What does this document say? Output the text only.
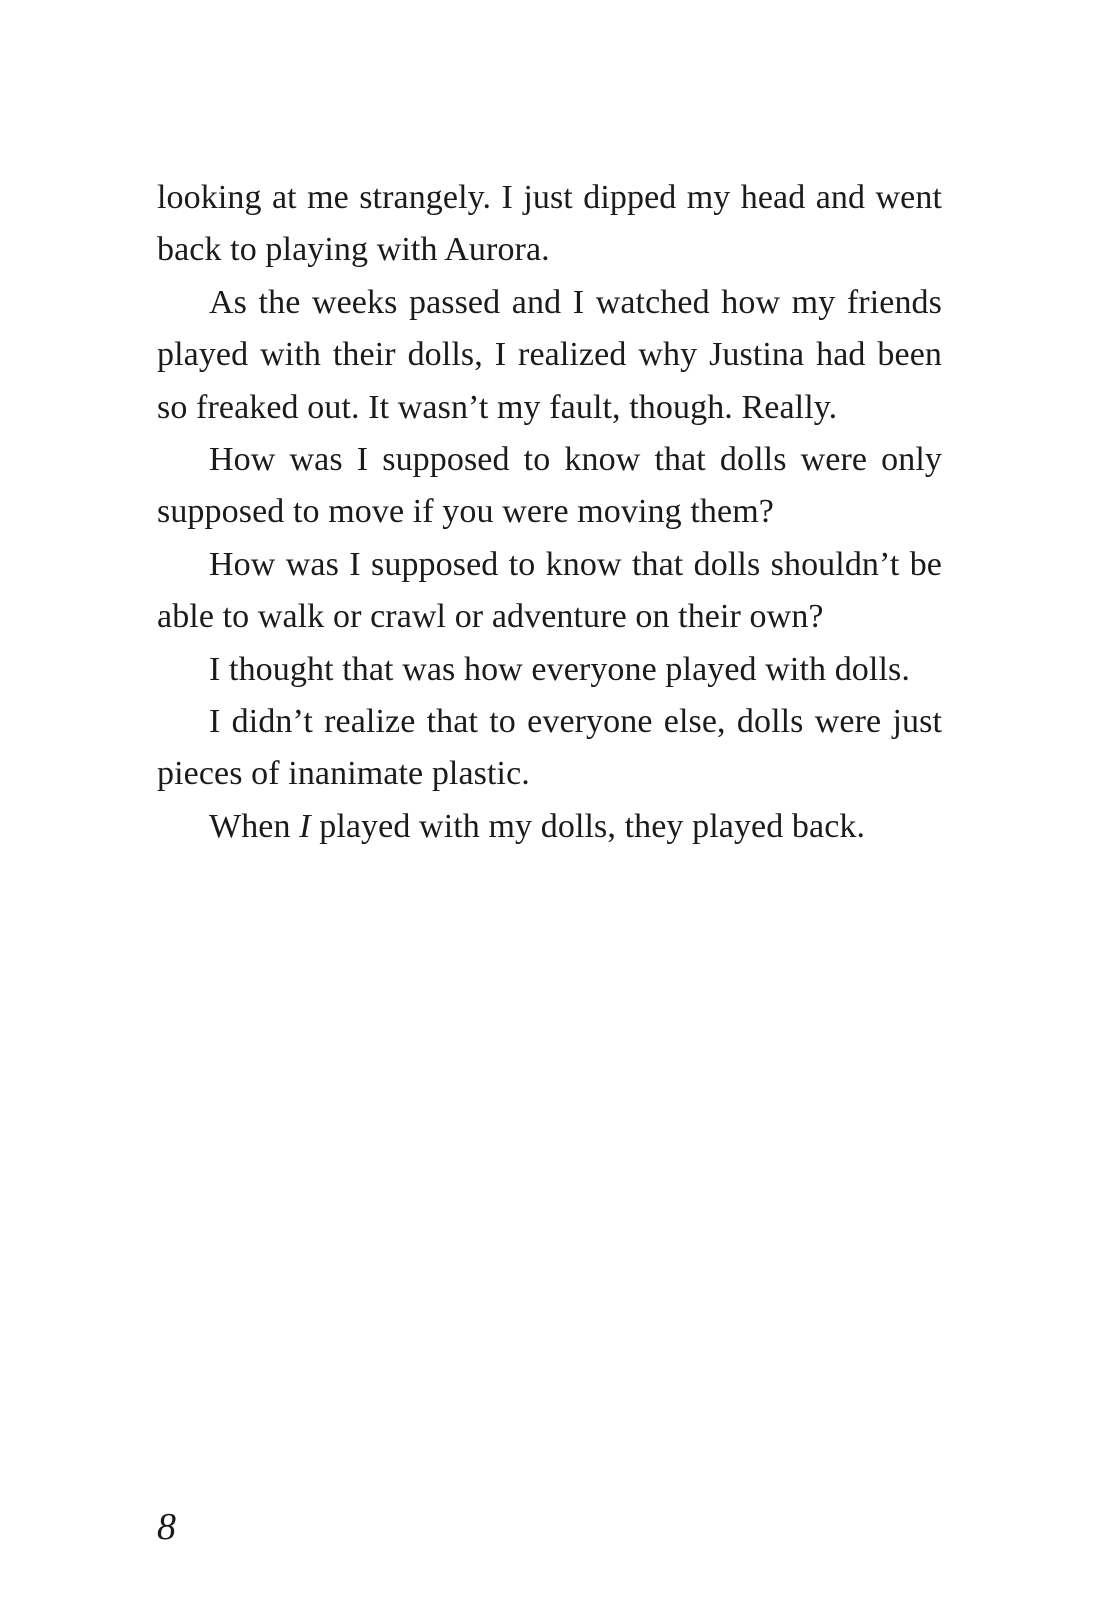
looking at me strangely. I just dipped my head and went back to playing with Aurora.

As the weeks passed and I watched how my friends played with their dolls, I realized why Justina had been so freaked out. It wasn’t my fault, though. Really.

How was I supposed to know that dolls were only supposed to move if you were moving them?

How was I supposed to know that dolls shouldn’t be able to walk or crawl or adventure on their own?

I thought that was how everyone played with dolls.

I didn’t realize that to everyone else, dolls were just pieces of inanimate plastic.

When I played with my dolls, they played back.

8
